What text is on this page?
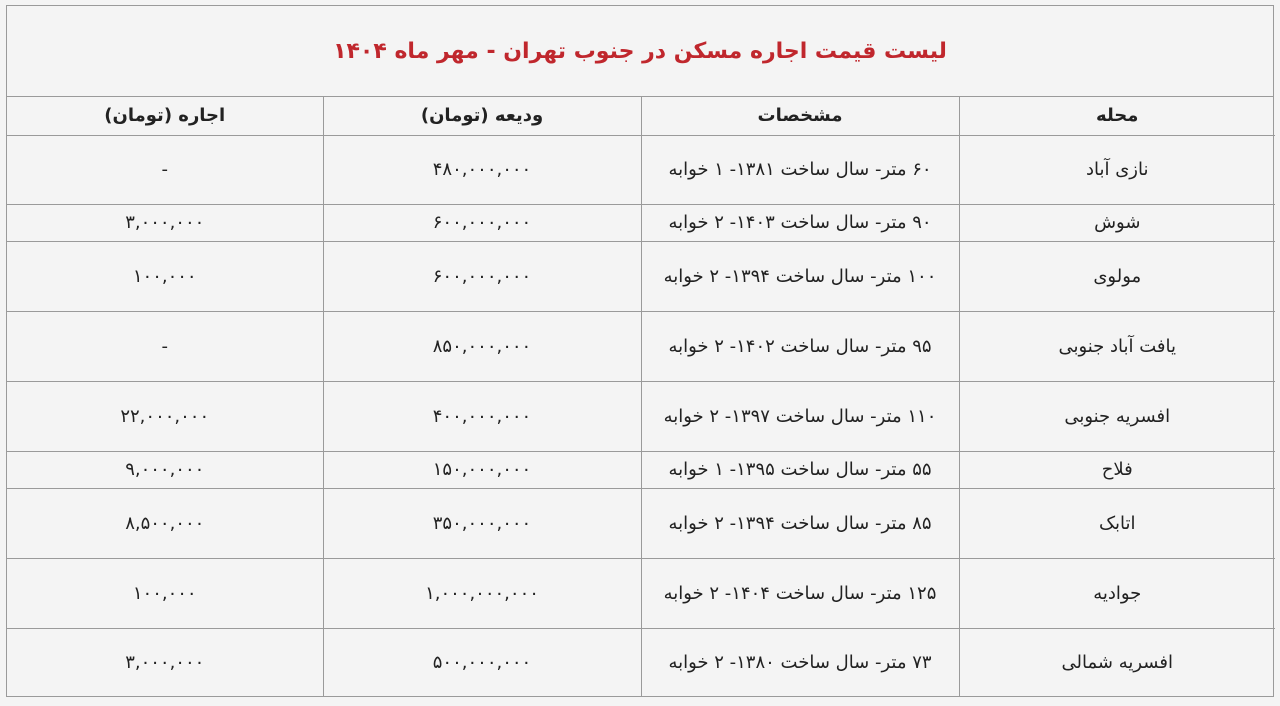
لیست قیمت اجاره مسکن در جنوب تهران - مهر ماه ۱۴۰۴
محله	مشخصات	ودیعه (تومان)	اجاره (تومان)
نازی آباد	۶۰ متر- سال ساخت ۱۳۸۱- ۱ خوابه	۴۸۰,۰۰۰,۰۰۰	-
شوش	۹۰ متر- سال ساخت ۱۴۰۳- ۲ خوابه	۶۰۰,۰۰۰,۰۰۰	۳,۰۰۰,۰۰۰
مولوی	۱۰۰ متر- سال ساخت ۱۳۹۴- ۲ خوابه	۶۰۰,۰۰۰,۰۰۰	۱۰۰,۰۰۰
یافت آباد جنوبی	۹۵ متر- سال ساخت ۱۴۰۲- ۲ خوابه	۸۵۰,۰۰۰,۰۰۰	-
افسریه جنوبی	۱۱۰ متر- سال ساخت ۱۳۹۷- ۲ خوابه	۴۰۰,۰۰۰,۰۰۰	۲۲,۰۰۰,۰۰۰
فلاح	۵۵ متر- سال ساخت ۱۳۹۵- ۱ خوابه	۱۵۰,۰۰۰,۰۰۰	۹,۰۰۰,۰۰۰
اتابک	۸۵ متر- سال ساخت ۱۳۹۴- ۲ خوابه	۳۵۰,۰۰۰,۰۰۰	۸,۵۰۰,۰۰۰
جوادیه	۱۲۵ متر- سال ساخت ۱۴۰۴- ۲ خوابه	۱,۰۰۰,۰۰۰,۰۰۰	۱۰۰,۰۰۰
افسریه شمالی	۷۳ متر- سال ساخت ۱۳۸۰- ۲ خوابه	۵۰۰,۰۰۰,۰۰۰	۳,۰۰۰,۰۰۰
